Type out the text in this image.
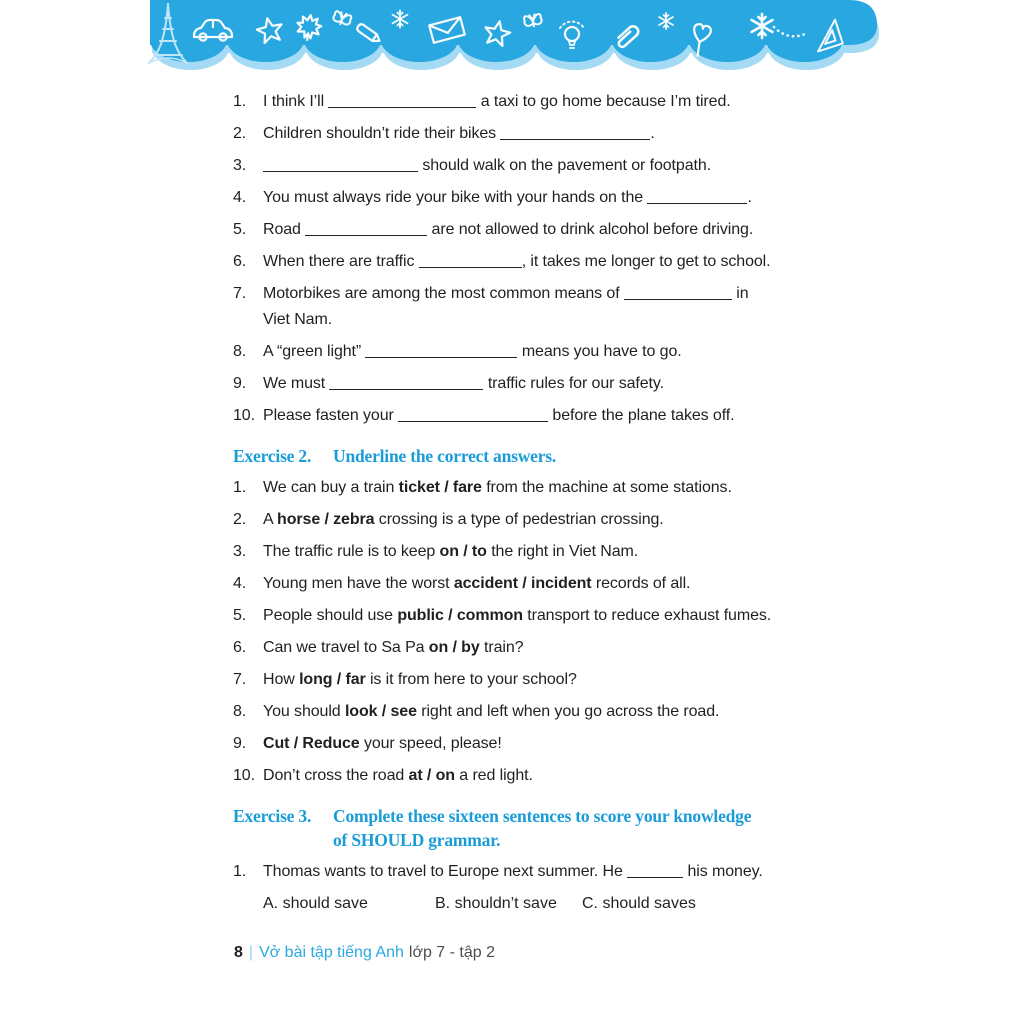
1.	I think I’ll	a taxi to go home because I’m tired.
2.	Children shouldn’t ride their bikes	.
3.	should walk on the pavement or footpath.
4.	You must always ride your bike with your hands on the	.
5.	Road	are not allowed to drink alcohol before driving.
6.	When there are traffic	, it takes me longer to get to school.
7.	Motorbikes are among the most common means of	in
Viet Nam.
8.	A “green light”	means you have to go.
9.	We must	traffic rules for our safety.
10. Please fasten your	before the plane takes off.
Exercise 2.	Underline the correct answers.
1.	We can buy a train ticket / fare from the machine at some stations.
2.	A horse / zebra crossing is a type of pedestrian crossing.
3.	The traffic rule is to keep on / to the right in Viet Nam.
4.	Young men have the worst accident / incident records of all.
5.	People should use public / common transport to reduce exhaust fumes.
6.	Can we travel to Sa Pa on / by train?
7.	How long / far is it from here to your school?
8.	You should look / see right and left when you go across the road.
9.	Cut / Reduce your speed, please!
10. Don’t cross the road at / on a red light.
Exercise 3.	Complete these sixteen sentences to score your knowledge
of SHOULD grammar.
1.	Thomas wants to travel to Europe next summer. He	his money.
A. should save	B. shouldn’t save	C. should saves
8 | Vở bài tập tiếng Anh lớp 7 - tập 2
